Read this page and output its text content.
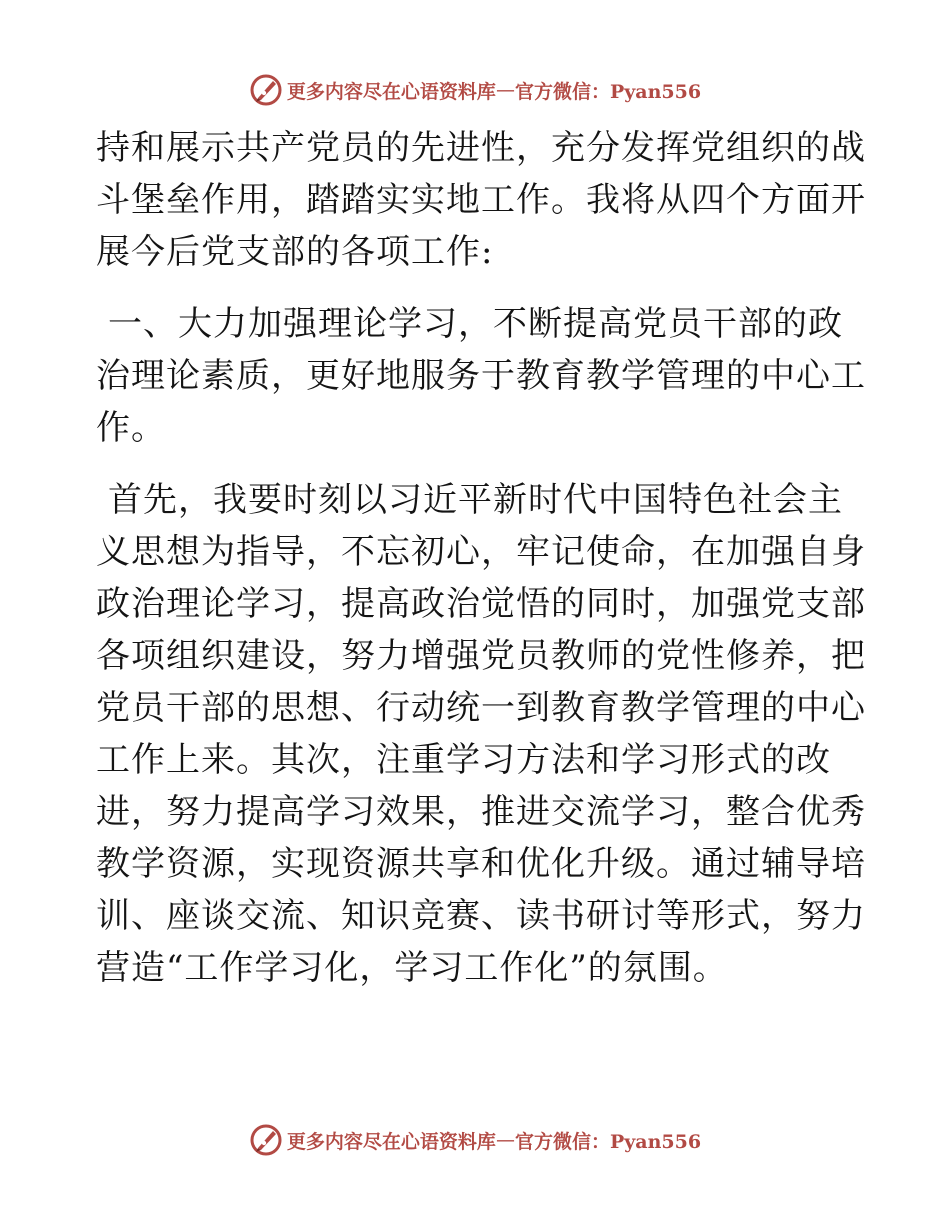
更多内容尽在心语资料库 — 官方微信：Pyan556
持和展示共产党员的先进性，充分发挥党组织的战
斗堡垒作用，踏踏实实地工作。我将从四个方面开
展今后党支部的各项工作:
一、大力加强理论学习，不断提高党员干部的政
治理论素质，更好地服务于教育教学管理的中心工
作。
首先，我要时刻以习近平新时代中国特色社会主
义思想为指导，不忘初心，牢记使命，在加强自身
政治理论学习，提高政治觉悟的同时，加强党支部
各项组织建设，努力增强党员教师的党性修养，把
党员干部的思想、行动统一到教育教学管理的中心
工作上来。其次，注重学习方法和学习形式的改
进，努力提高学习效果，推进交流学习，整合优秀
教学资源，实现资源共享和优化升级。通过辅导培
训、座谈交流、知识竞赛、读书研讨等形式，努力
营造“工作学习化，学习工作化”的氛围。
更多内容尽在心语资料库 — 官方微信：Pyan556
